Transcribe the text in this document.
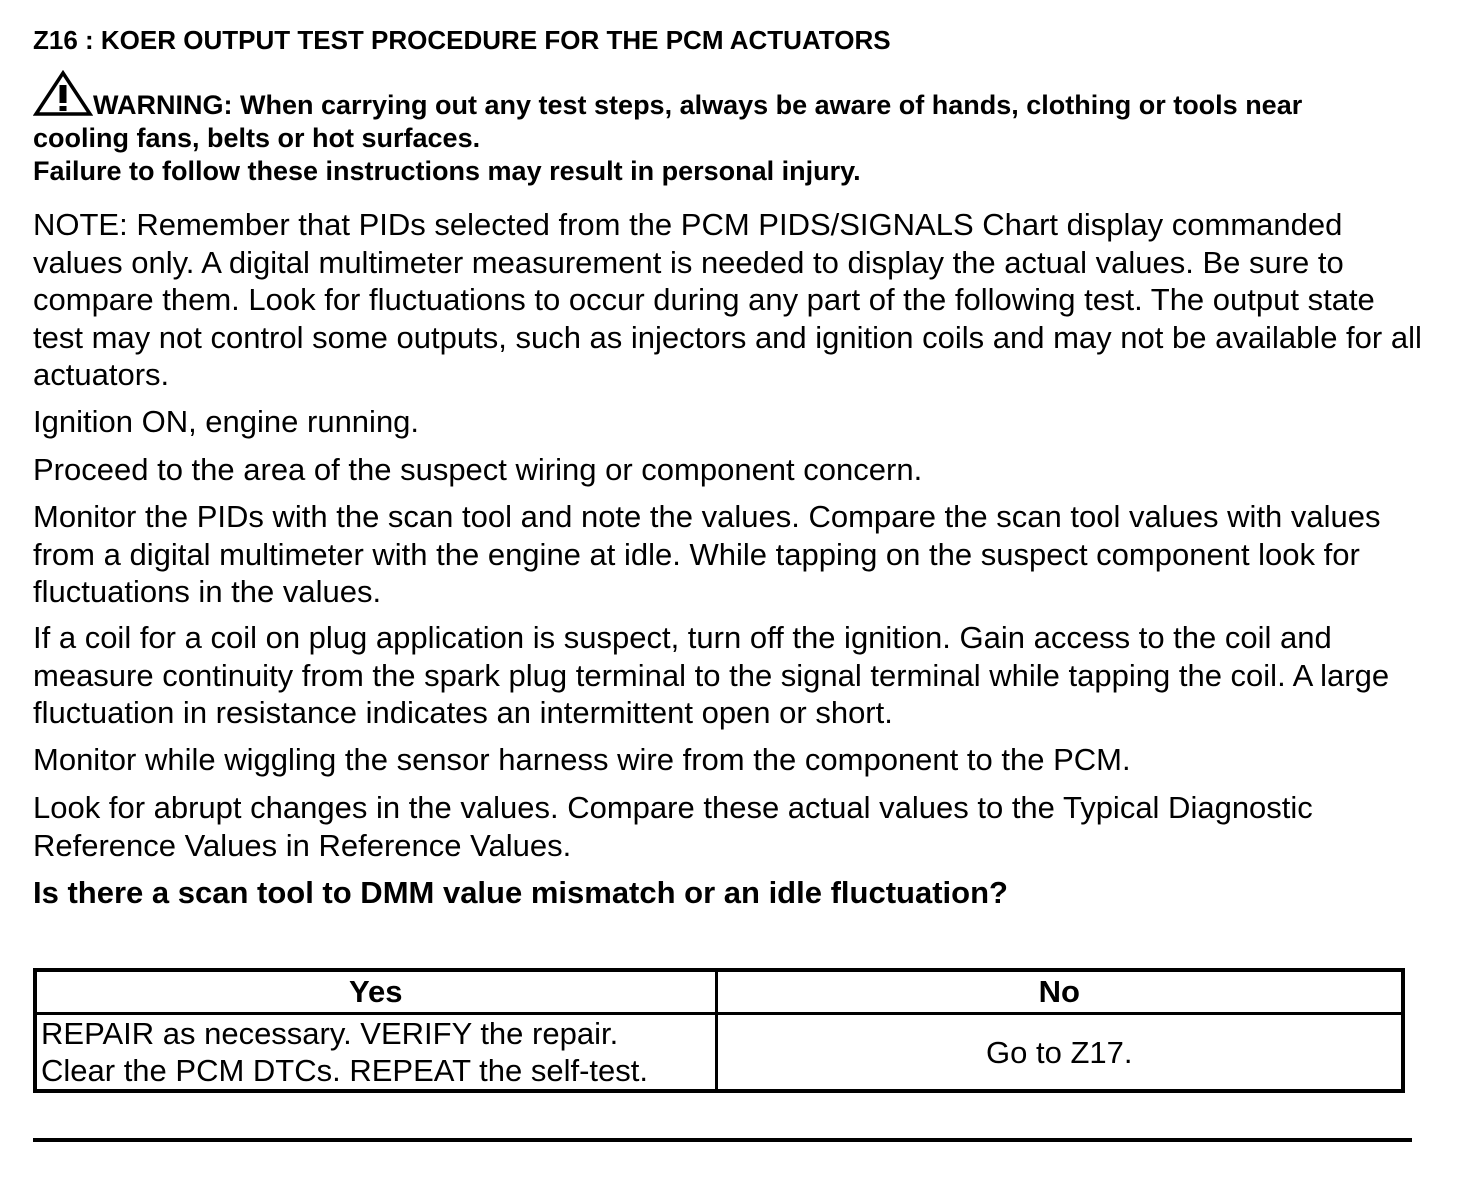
Z16 : KOER OUTPUT TEST PROCEDURE FOR THE PCM ACTUATORS
WARNING: When carrying out any test steps, always be aware of hands, clothing or tools near
cooling fans, belts or hot surfaces.
Failure to follow these instructions may result in personal injury.
NOTE: Remember that PIDs selected from the PCM PIDS/SIGNALS Chart display commanded values only. A digital multimeter measurement is needed to display the actual values. Be sure to compare them. Look for fluctuations to occur during any part of the following test. The output state test may not control some outputs, such as injectors and ignition coils and may not be available for all actuators.
Ignition ON, engine running.
Proceed to the area of the suspect wiring or component concern.
Monitor the PIDs with the scan tool and note the values. Compare the scan tool values with values from a digital multimeter with the engine at idle. While tapping on the suspect component look for fluctuations in the values.
If a coil for a coil on plug application is suspect, turn off the ignition. Gain access to the coil and measure continuity from the spark plug terminal to the signal terminal while tapping the coil. A large fluctuation in resistance indicates an intermittent open or short.
Monitor while wiggling the sensor harness wire from the component to the PCM.
Look for abrupt changes in the values. Compare these actual values to the Typical Diagnostic Reference Values in Reference Values.
Is there a scan tool to DMM value mismatch or an idle fluctuation?
Yes	No

REPAIR as necessary. VERIFY the repair.
Clear the PCM DTCs. REPEAT the self-test.	Go to Z17.
